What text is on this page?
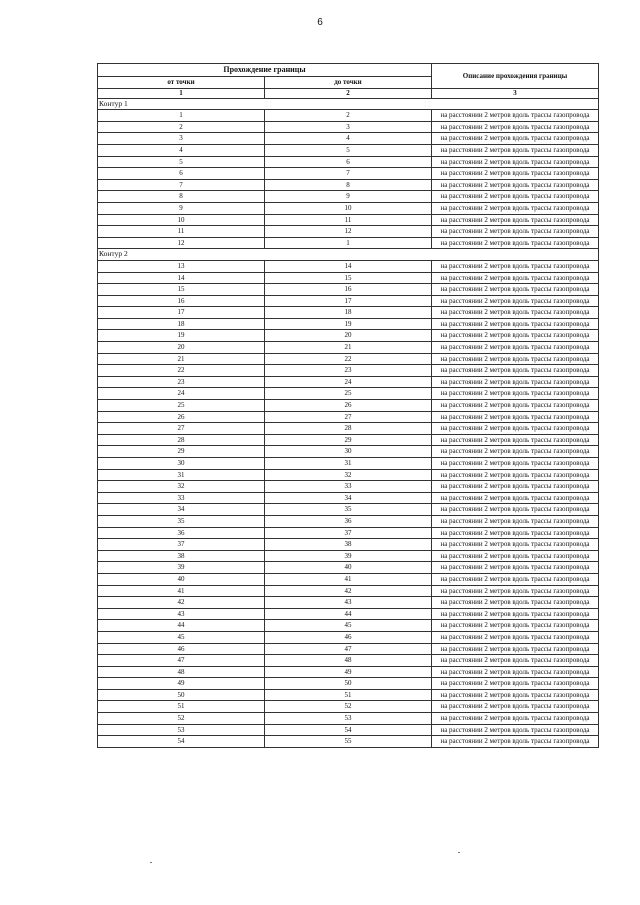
6
Прохождение границы		Описание прохождения границы
от точки	до точки	
1	2	3
Контур 1		
1	2	на расстоянии 2 метров вдоль трассы газопровода
2	3	на расстоянии 2 метров вдоль трассы газопровода
3	4	на расстоянии 2 метров вдоль трассы газопровода
4	5	на расстоянии 2 метров вдоль трассы газопровода
5	6	на расстоянии 2 метров вдоль трассы газопровода
6	7	на расстоянии 2 метров вдоль трассы газопровода
7	8	на расстоянии 2 метров вдоль трассы газопровода
8	9	на расстоянии 2 метров вдоль трассы газопровода
9	10	на расстоянии 2 метров вдоль трассы газопровода
10	11	на расстоянии 2 метров вдоль трассы газопровода
11	12	на расстоянии 2 метров вдоль трассы газопровода
12	1	на расстоянии 2 метров вдоль трассы газопровода
Контур 2		
13	14	на расстоянии 2 метров вдоль трассы газопровода
14	15	на расстоянии 2 метров вдоль трассы газопровода
15	16	на расстоянии 2 метров вдоль трассы газопровода
16	17	на расстоянии 2 метров вдоль трассы газопровода
17	18	на расстоянии 2 метров вдоль трассы газопровода
18	19	на расстоянии 2 метров вдоль трассы газопровода
19	20	на расстоянии 2 метров вдоль трассы газопровода
20	21	на расстоянии 2 метров вдоль трассы газопровода
21	22	на расстоянии 2 метров вдоль трассы газопровода
22	23	на расстоянии 2 метров вдоль трассы газопровода
23	24	на расстоянии 2 метров вдоль трассы газопровода
24	25	на расстоянии 2 метров вдоль трассы газопровода
25	26	на расстоянии 2 метров вдоль трассы газопровода
26	27	на расстоянии 2 метров вдоль трассы газопровода
27	28	на расстоянии 2 метров вдоль трассы газопровода
28	29	на расстоянии 2 метров вдоль трассы газопровода
29	30	на расстоянии 2 метров вдоль трассы газопровода
30	31	на расстоянии 2 метров вдоль трассы газопровода
31	32	на расстоянии 2 метров вдоль трассы газопровода
32	33	на расстоянии 2 метров вдоль трассы газопровода
33	34	на расстоянии 2 метров вдоль трассы газопровода
34	35	на расстоянии 2 метров вдоль трассы газопровода
35	36	на расстоянии 2 метров вдоль трассы газопровода
36	37	на расстоянии 2 метров вдоль трассы газопровода
37	38	на расстоянии 2 метров вдоль трассы газопровода
38	39	на расстоянии 2 метров вдоль трассы газопровода
39	40	на расстоянии 2 метров вдоль трассы газопровода
40	41	на расстоянии 2 метров вдоль трассы газопровода
41	42	на расстоянии 2 метров вдоль трассы газопровода
42	43	на расстоянии 2 метров вдоль трассы газопровода
43	44	на расстоянии 2 метров вдоль трассы газопровода
44	45	на расстоянии 2 метров вдоль трассы газопровода
45	46	на расстоянии 2 метров вдоль трассы газопровода
46	47	на расстоянии 2 метров вдоль трассы газопровода
47	48	на расстоянии 2 метров вдоль трассы газопровода
48	49	на расстоянии 2 метров вдоль трассы газопровода
49	50	на расстоянии 2 метров вдоль трассы газопровода
50	51	на расстоянии 2 метров вдоль трассы газопровода
51	52	на расстоянии 2 метров вдоль трассы газопровода
52	53	на расстоянии 2 метров вдоль трассы газопровода
53	54	на расстоянии 2 метров вдоль трассы газопровода
54	55	на расстоянии 2 метров вдоль трассы газопровода
